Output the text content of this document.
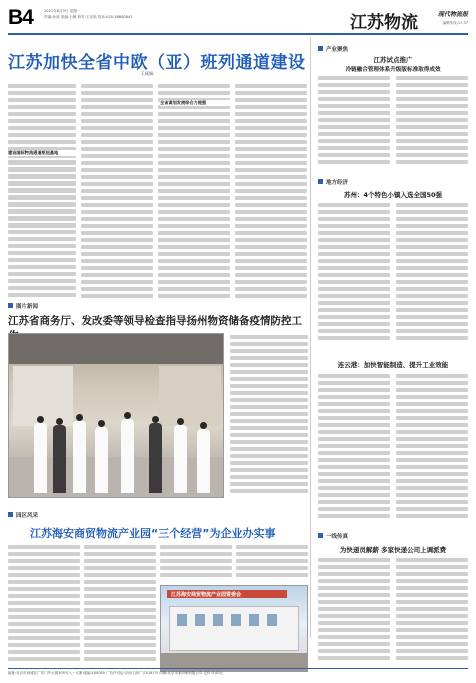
B4	2021年8月9日 星期一
责编:孙涛 美编:石楠 校对:王亦欣 投诉:025-58680841	江苏物流	现代物流报
编辑热线:17-37
江苏加快全省中欧（亚）班列通道建设
王成妹
建设国际物流通道枢纽基地
全省谋划发展综合力提强
图片新闻
江苏省商务厅、发改委等领导检查指导扬州物资储备疫情防控工
园区风采
江苏海安商贸物流产业园“三个经营”为企业办实事
江苏海安商贸物流产业园管委会
产业聚焦
江苏试点推广
冷链融合管理体系升级版标准取得成效
地方经济
苏州：4个特色小镇入选全国50强
连云港：加快智能制造、提升工业效能
一线传真
为快递员解薪 多家快递公司上调派费
地址:北京市西城区广安门外大街305号八一大厦 邮编:100055 广告许可证:京西工商广字0187号 印刷:北京市某印刷有限公司 定价:3.00元
